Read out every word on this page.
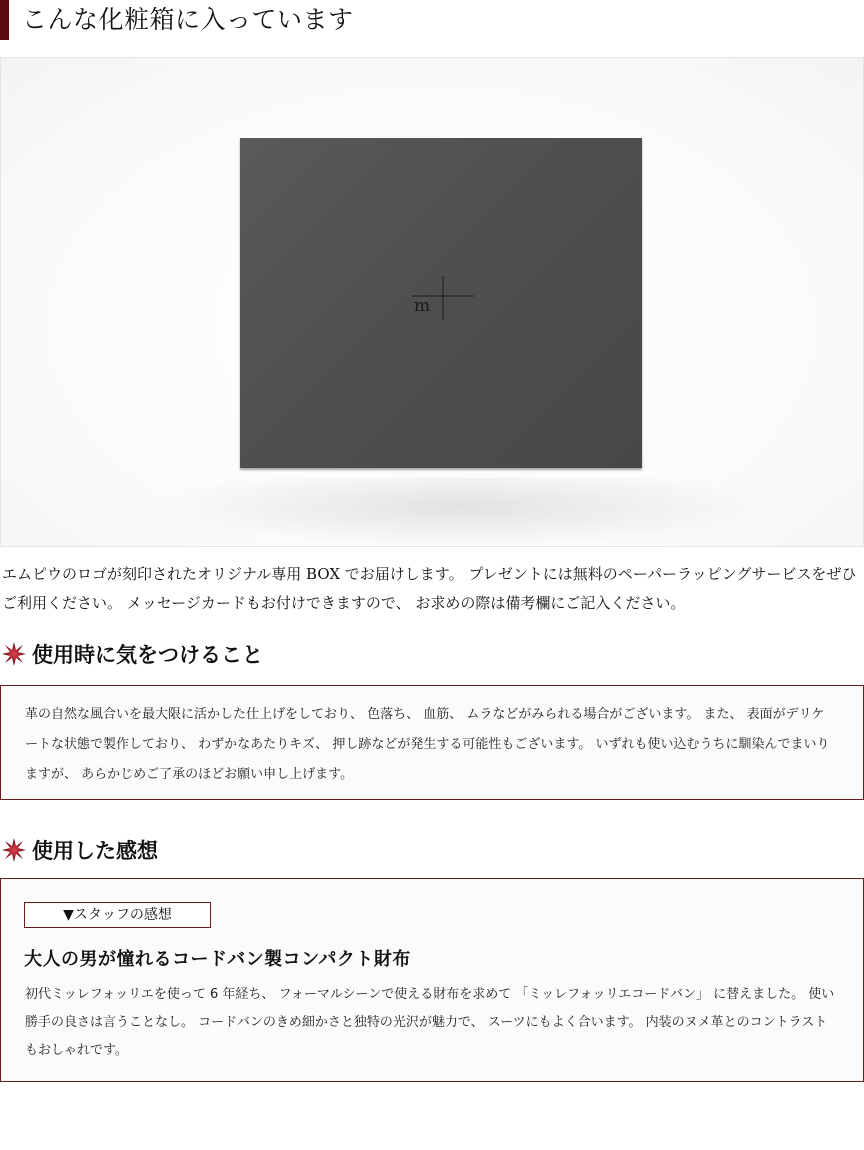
こんな化粧箱に入っています
m
エムピウのロゴが刻印されたオリジナル専用 BOX でお届けします。 プレゼントには無料のペーパーラッピングサービスをぜひご利用ください。 メッセージカードもお付けできますので、 お求めの際は備考欄にご記入ください。
使用時に気をつけること
革の自然な風合いを最大限に活かした仕上げをしており、 色落ち、 血筋、 ムラなどがみられる場合がございます。 また、 表面がデリケートな状態で製作しており、 わずかなあたりキズ、 押し跡などが発生する可能性もございます。 いずれも使い込むうちに馴染んでまいりますが、 あらかじめご了承のほどお願い申し上げます。
使用した感想
▼スタッフの感想
大人の男が憧れるコードバン製コンパクト財布
初代ミッレフォッリエを使って 6 年経ち、 フォーマルシーンで使える財布を求めて 「ミッレフォッリエコードバン」 に替えました。 使い勝手の良さは言うことなし。 コードバンのきめ細かさと独特の光沢が魅力で、 スーツにもよく合います。 内装のヌメ革とのコントラストもおしゃれです。
